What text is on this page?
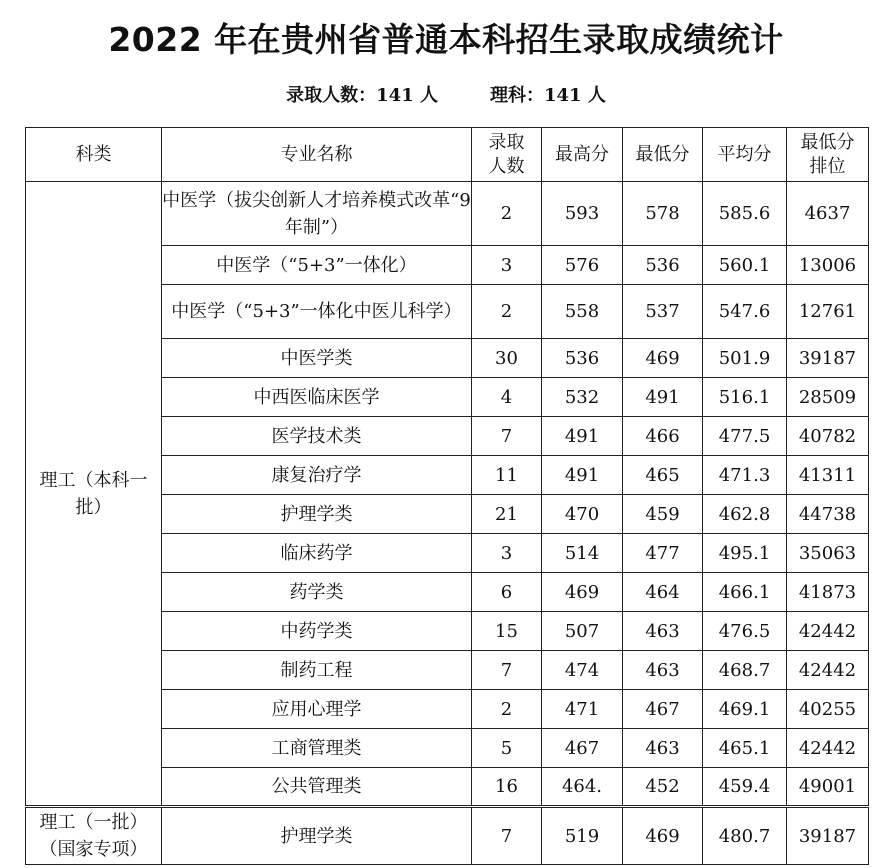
2022 年在贵州省普通本科招生录取成绩统计
录取人数：141 人	理科：141 人
科类	专业名称	录取人数	最高分	最低分	平均分	最低分排位
理工（本科一批）	中医学（拔尖创新人才培养模式改革“9 年制”）	2	593	578	585.6	4637
	中医学（“5+3”一体化）	3	576	536	560.1	13006
	中医学（“5+3”一体化中医儿科学）	2	558	537	547.6	12761
	中医学类	30	536	469	501.9	39187
	中西医临床医学	4	532	491	516.1	28509
	医学技术类	7	491	466	477.5	40782
	康复治疗学	11	491	465	471.3	41311
	护理学类	21	470	459	462.8	44738
	临床药学	3	514	477	495.1	35063
	药学类	6	469	464	466.1	41873
	中药学类	15	507	463	476.5	42442
	制药工程	7	474	463	468.7	42442
	应用心理学	2	471	467	469.1	40255
	工商管理类	5	467	463	465.1	42442
	公共管理类	16	464.	452	459.4	49001
理工（一批）（国家专项）	护理学类	7	519	469	480.7	39187
